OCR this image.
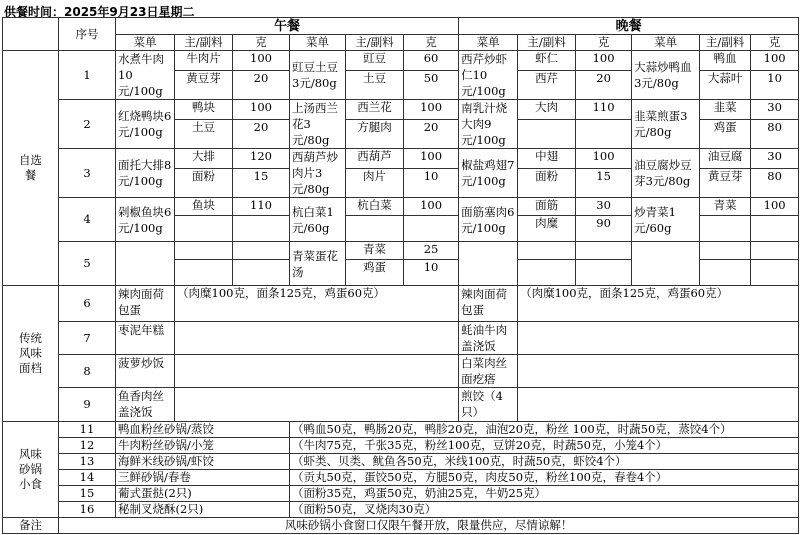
供餐时间：2025年9月23日星期二
	序号	午餐						晚餐					
		菜单	主/副料	克	菜单	主/副料	克	菜单	主/副料	克	菜单	主/副料	克
自选餐	1	水煮牛肉10元/100g	牛肉片	100	豇豆土豆3元/80g	豇豆	60	西芹炒虾仁10元/100g	虾仁	100	大蒜炒鸭血3元/80g	鸭血	100
			黄豆芽	20		土豆	50		西芹	20		大蒜叶	10
	2	红烧鸭块6元/100g	鸭块	100	上汤西兰花3元/80g	西兰花	100	南乳汁烧大肉9元/100g	大肉	110	韭菜煎蛋3元/80g	韭菜	30
			土豆	20		方腿肉	20					鸡蛋	80
	3	面托大排8元/100g	大排	120	西葫芦炒肉片3元/80g	西葫芦	100	椒盐鸡翅7元/100g	中翅	100	油豆腐炒豆芽3元/80g	油豆腐	30
			面粉	15		肉片	10		面粉	15		黄豆芽	80
	4	剁椒鱼块6元/100g	鱼块	110	杭白菜1元/60g	杭白菜	100	面筋塞肉6元/100g	面筋	30	炒青菜1元/60g	青菜	100
									肉糜	90			
	5				青菜蛋花汤	青菜	25						
						鸡蛋	10						
传统风味面档	6	辣肉面荷包蛋	（肉糜100克，面条125克，鸡蛋60克）					辣肉面荷包蛋	（肉糜100克，面条125克，鸡蛋60克）				
	7	枣泥年糕						蚝油牛肉盖浇饭					
	8	菠萝炒饭						白菜肉丝面疙瘩					
	9	鱼香肉丝盖浇饭						煎饺（4只）					
风味砂锅小食	11	鸭血粉丝砂锅/蒸饺			（鸭血50克，鸭肠20克，鸭胗20克，油泡20克，粉丝 100克，时蔬50克，蒸饺4个）								
	12	牛肉粉丝砂锅/小笼			（牛肉75克，千张35克，粉丝100克，豆饼20克，时蔬50克，小笼4个）								
	13	海鲜米线砂锅/虾饺			（虾类、贝类、鱿鱼各50克，米线100克，时蔬50克，虾饺4个）								
	14	三鲜砂锅/春卷			（贡丸50克，蛋饺50克，方腿50克，肉皮50克，粉丝100克，春卷4个）								
	15	葡式蛋挞(2只)			（面粉35克，鸡蛋50克，奶油25克，牛奶25克）								
	16	秘制叉烧酥(2只)			（面粉50克，叉烧肉30克）								
备注	风味砂锅小食窗口仅限午餐开放，限量供应，尽情谅解！												
